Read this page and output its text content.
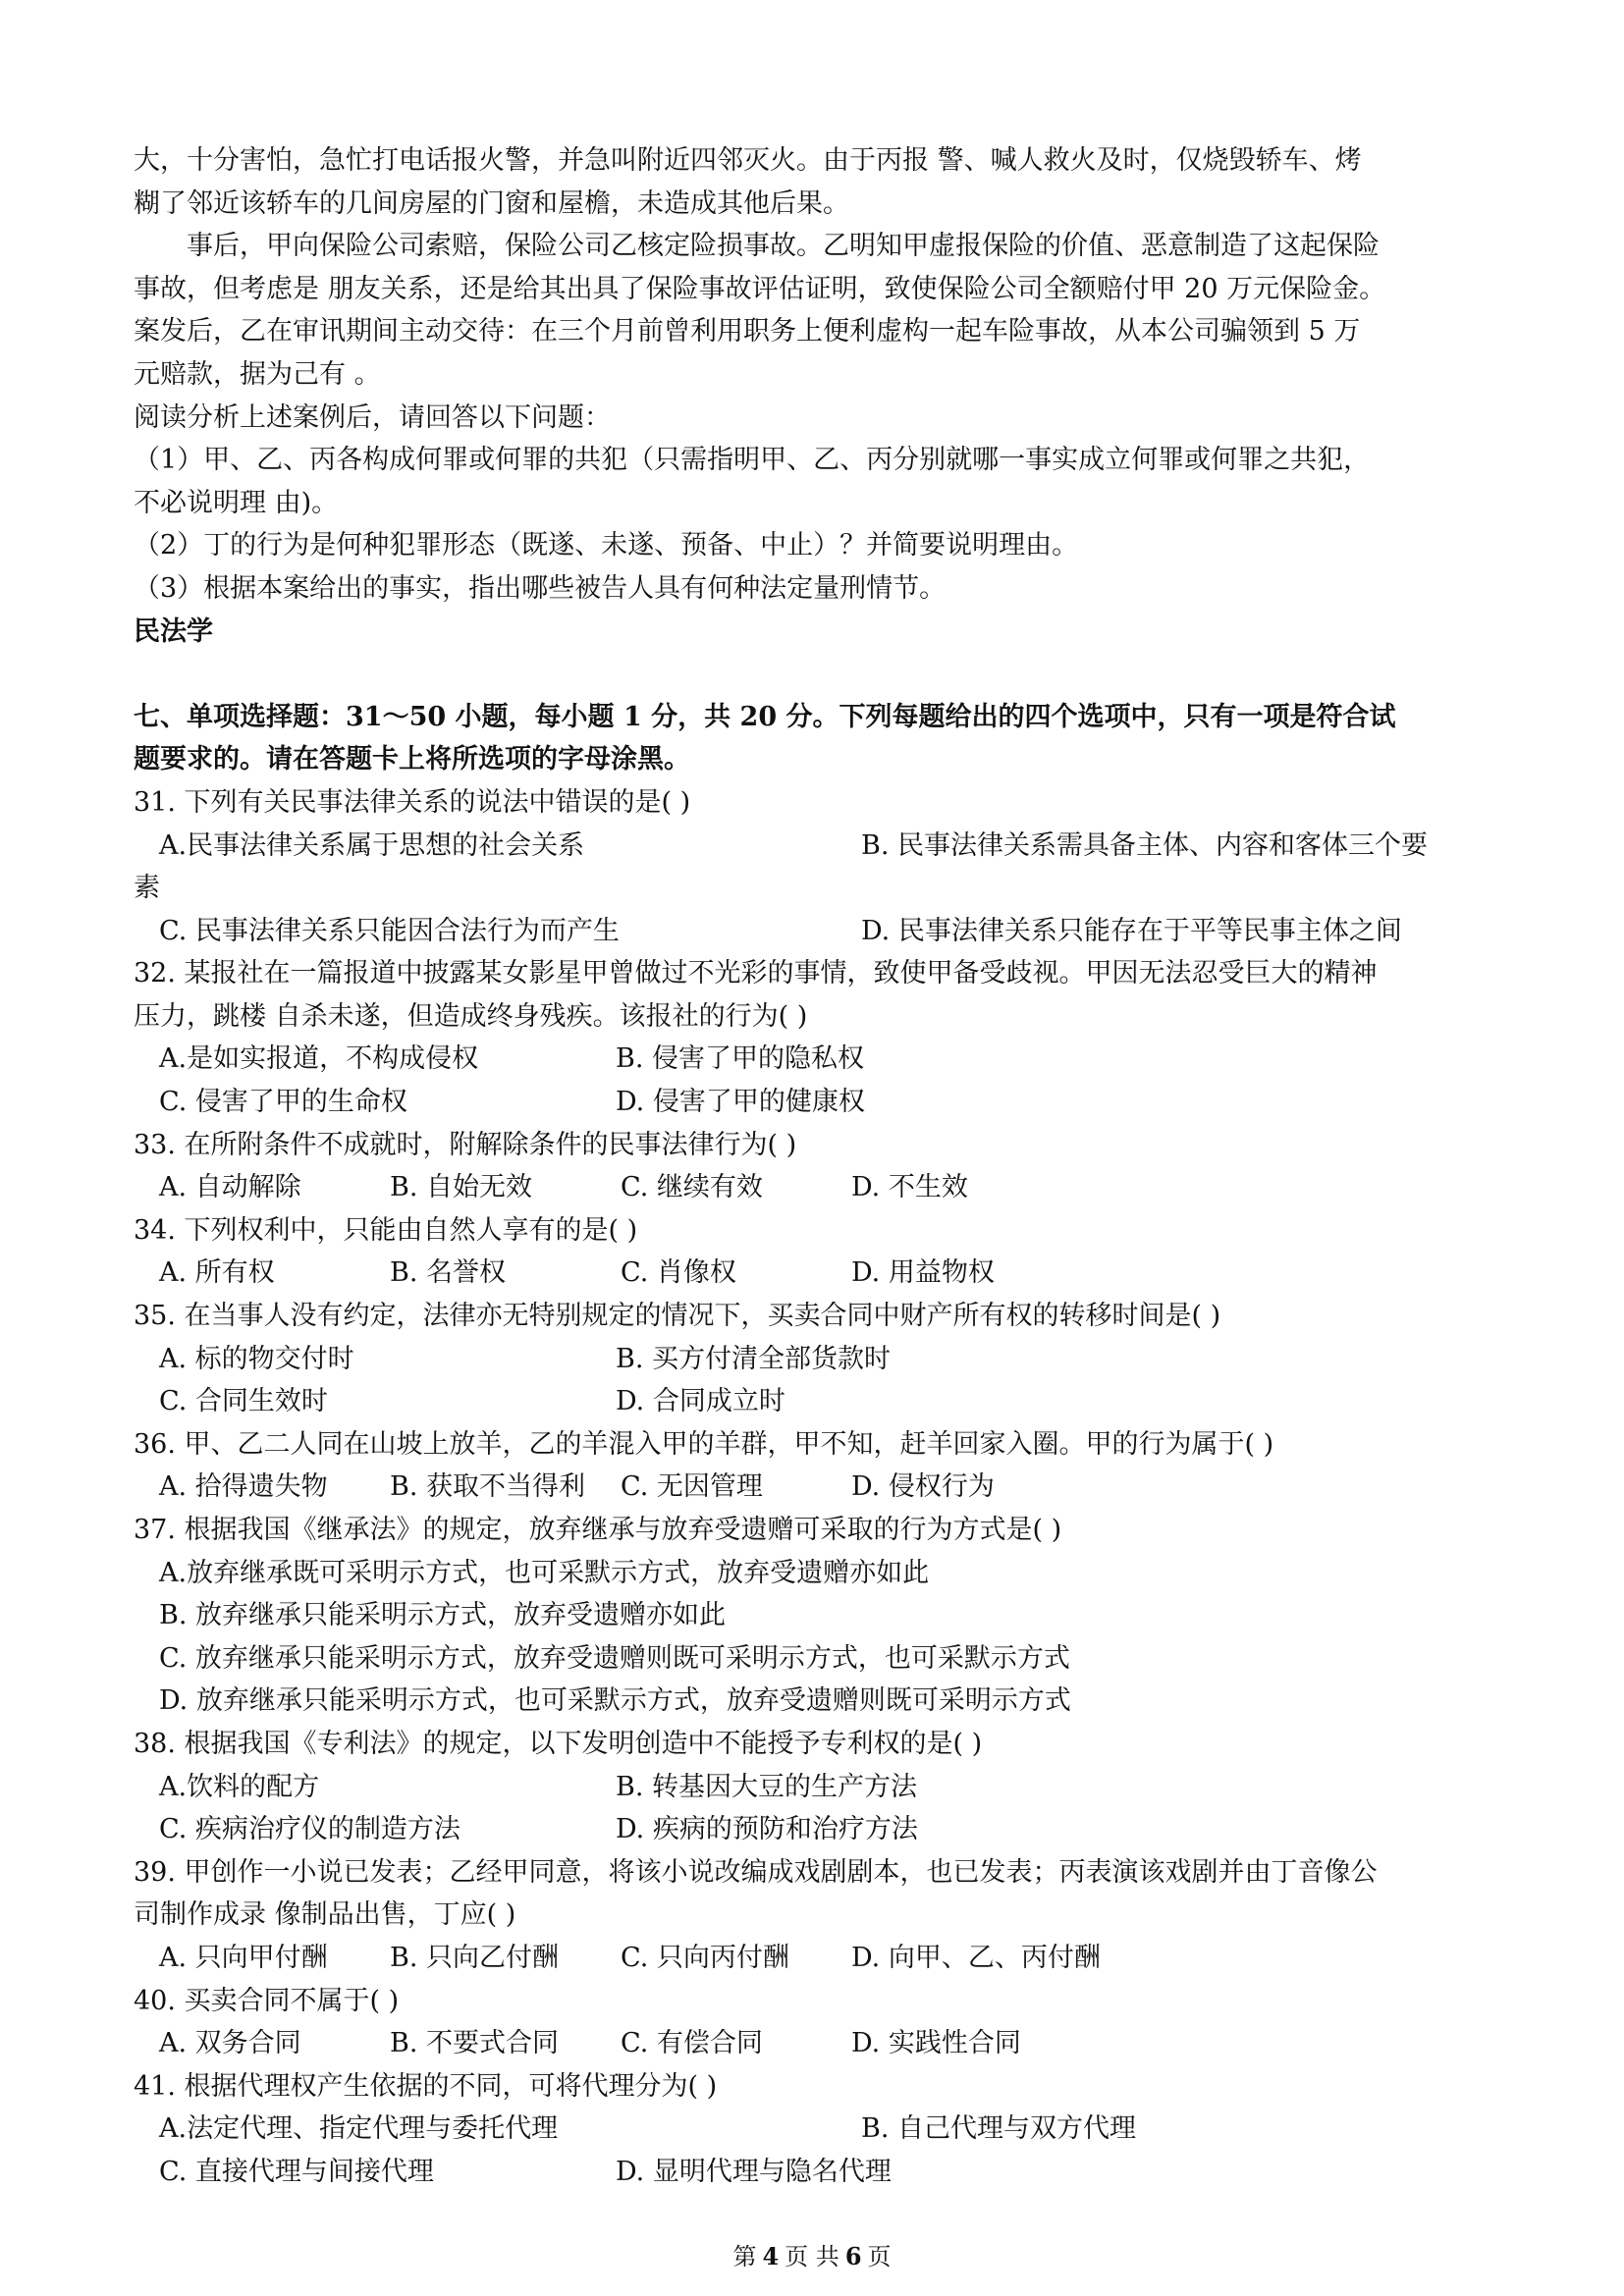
大，十分害怕，急忙打电话报火警，并急叫附近四邻灭火。由于丙报 警、喊人救火及时，仅烧毁轿车、烤
糊了邻近该轿车的几间房屋的门窗和屋檐，未造成其他后果。
事后，甲向保险公司索赔，保险公司乙核定险损事故。乙明知甲虚报保险的价值、恶意制造了这起保险
事故，但考虑是 朋友关系，还是给其出具了保险事故评估证明，致使保险公司全额赔付甲 20 万元保险金。
案发后，乙在审讯期间主动交待：在三个月前曾利用职务上便利虚构一起车险事故，从本公司骗领到 5 万
元赔款，据为己有 。
阅读分析上述案例后，请回答以下问题：
（1）甲、乙、丙各构成何罪或何罪的共犯（只需指明甲、乙、丙分别就哪一事实成立何罪或何罪之共犯，
不必说明理 由)。
（2）丁的行为是何种犯罪形态（既遂、未遂、预备、中止）？并简要说明理由。
（3）根据本案给出的事实，指出哪些被告人具有何种法定量刑情节。
民法学
七、单项选择题：31～50 小题，每小题 1 分，共 20 分。下列每题给出的四个选项中，只有一项是符合试
题要求的。请在答题卡上将所选项的字母涂黑。
31. 下列有关民事法律关系的说法中错误的是( )
A.民事法律关系属于思想的社会关系	B. 民事法律关系需具备主体、内容和客体三个要
素
C. 民事法律关系只能因合法行为而产生	D. 民事法律关系只能存在于平等民事主体之间
32. 某报社在一篇报道中披露某女影星甲曾做过不光彩的事情，致使甲备受歧视。甲因无法忍受巨大的精神
压力，跳楼 自杀未遂，但造成终身残疾。该报社的行为( )
A.是如实报道，不构成侵权	B. 侵害了甲的隐私权
C. 侵害了甲的生命权	D. 侵害了甲的健康权
33. 在所附条件不成就时，附解除条件的民事法律行为( )
A. 自动解除	B. 自始无效	C. 继续有效	D. 不生效
34. 下列权利中，只能由自然人享有的是( )
A. 所有权	B. 名誉权	C. 肖像权	D. 用益物权
35. 在当事人没有约定，法律亦无特别规定的情况下，买卖合同中财产所有权的转移时间是( )
A. 标的物交付时	B. 买方付清全部货款时
C. 合同生效时	D. 合同成立时
36. 甲、乙二人同在山坡上放羊，乙的羊混入甲的羊群，甲不知，赶羊回家入圈。甲的行为属于( )
A. 拾得遗失物	B. 获取不当得利	C. 无因管理	D. 侵权行为
37. 根据我国《继承法》的规定，放弃继承与放弃受遗赠可采取的行为方式是( )
A.放弃继承既可采明示方式，也可采默示方式，放弃受遗赠亦如此
B. 放弃继承只能采明示方式，放弃受遗赠亦如此
C. 放弃继承只能采明示方式，放弃受遗赠则既可采明示方式，也可采默示方式
D. 放弃继承只能采明示方式，也可采默示方式，放弃受遗赠则既可采明示方式
38. 根据我国《专利法》的规定，以下发明创造中不能授予专利权的是( )
A.饮料的配方	B. 转基因大豆的生产方法
C. 疾病治疗仪的制造方法	D. 疾病的预防和治疗方法
39. 甲创作一小说已发表；乙经甲同意，将该小说改编成戏剧剧本，也已发表；丙表演该戏剧并由丁音像公
司制作成录 像制品出售，丁应( )
A. 只向甲付酬	B. 只向乙付酬	C. 只向丙付酬	D. 向甲、乙、丙付酬
40. 买卖合同不属于( )
A. 双务合同	B. 不要式合同	C. 有偿合同	D. 实践性合同
41. 根据代理权产生依据的不同，可将代理分为( )
A.法定代理、指定代理与委托代理	B. 自己代理与双方代理
C. 直接代理与间接代理	D. 显明代理与隐名代理
第 4 页 共 6 页
